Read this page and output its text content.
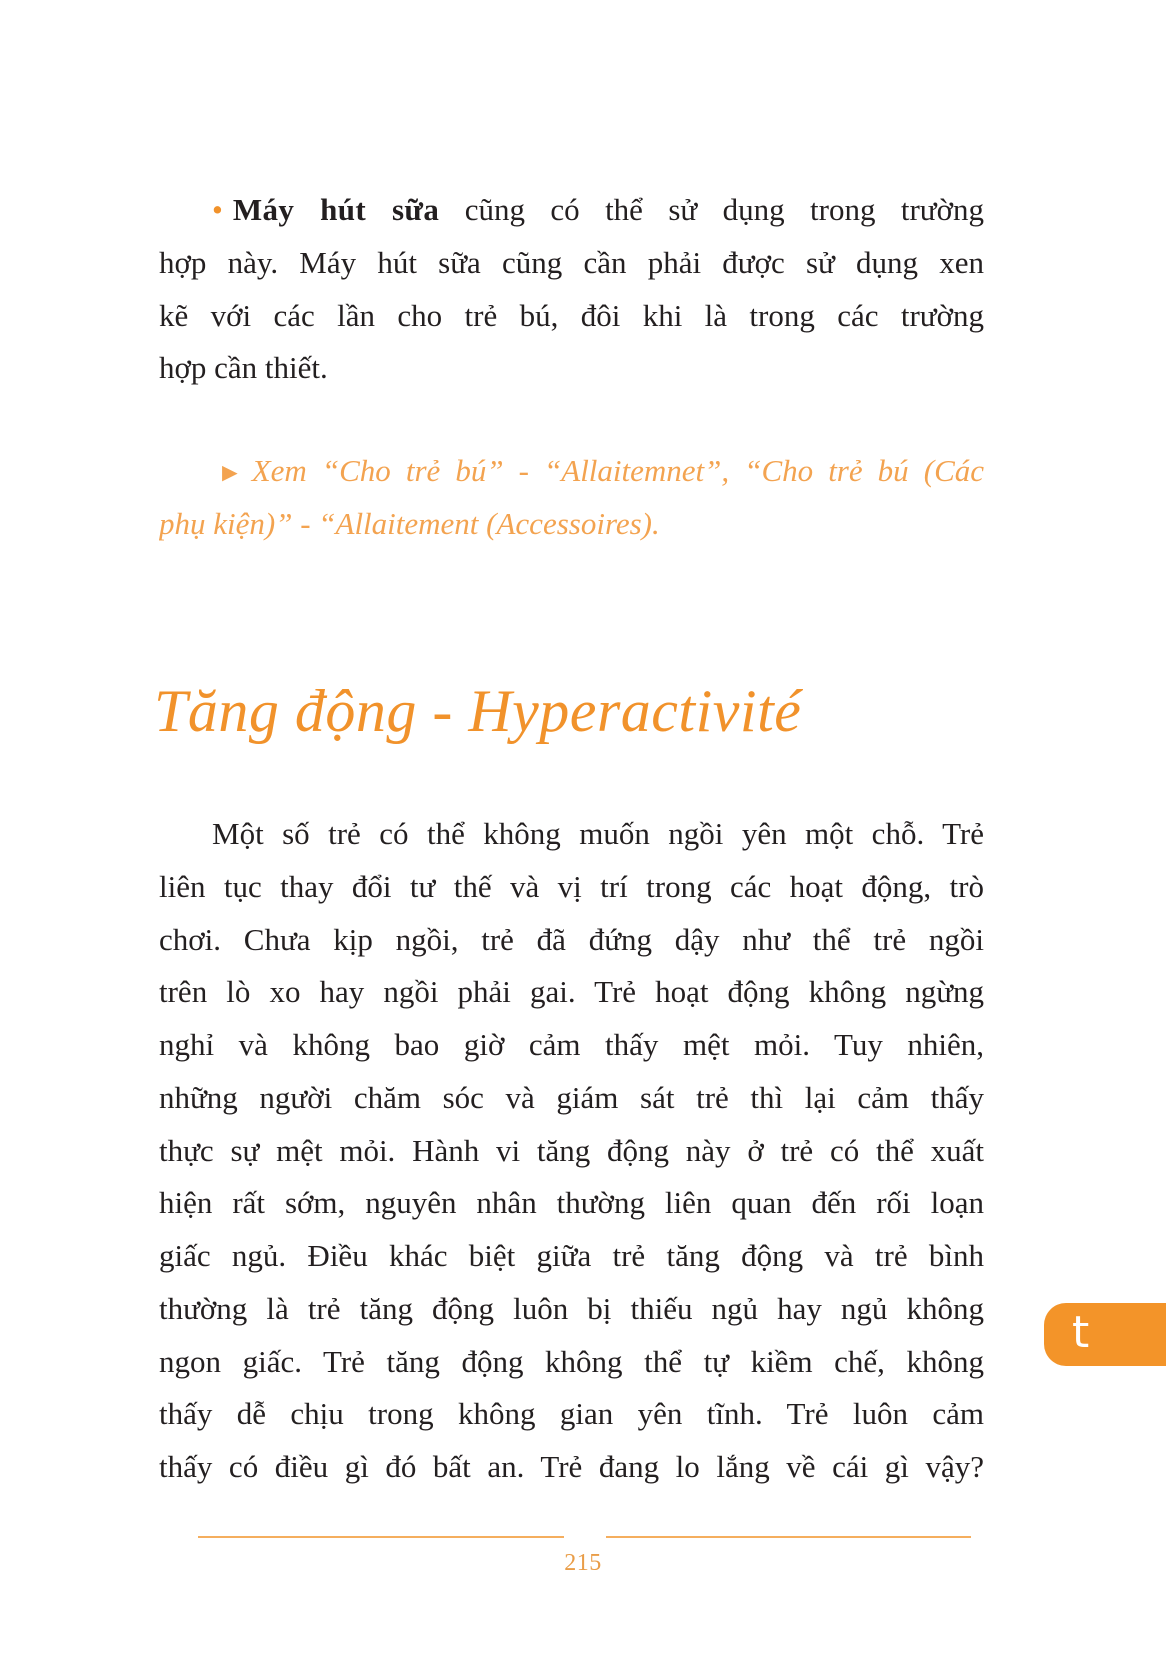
• Máy hút sữa cũng có thể sử dụng trong trường
hợp này. Máy hút sữa cũng cần phải được sử dụng xen
kẽ với các lần cho trẻ bú, đôi khi là trong các trường
hợp cần thiết.
► Xem “Cho trẻ bú” - “Allaitemnet”, “Cho trẻ bú (Các
phụ kiện)” - “Allaitement (Accessoires).
Tăng động - Hyperactivité
Một số trẻ có thể không muốn ngồi yên một chỗ. Trẻ
liên tục thay đổi tư thế và vị trí trong các hoạt động, trò
chơi. Chưa kịp ngồi, trẻ đã đứng dậy như thể trẻ ngồi
trên lò xo hay ngồi phải gai. Trẻ hoạt động không ngừng
nghỉ và không bao giờ cảm thấy mệt mỏi. Tuy nhiên,
những người chăm sóc và giám sát trẻ thì lại cảm thấy
thực sự mệt mỏi. Hành vi tăng động này ở trẻ có thể xuất
hiện rất sớm, nguyên nhân thường liên quan đến rối loạn
giấc ngủ. Điều khác biệt giữa trẻ tăng động và trẻ bình
thường là trẻ tăng động luôn bị thiếu ngủ hay ngủ không
ngon giấc. Trẻ tăng động không thể tự kiềm chế, không
thấy dễ chịu trong không gian yên tĩnh. Trẻ luôn cảm
thấy có điều gì đó bất an. Trẻ đang lo lắng về cái gì vậy?
t
215
